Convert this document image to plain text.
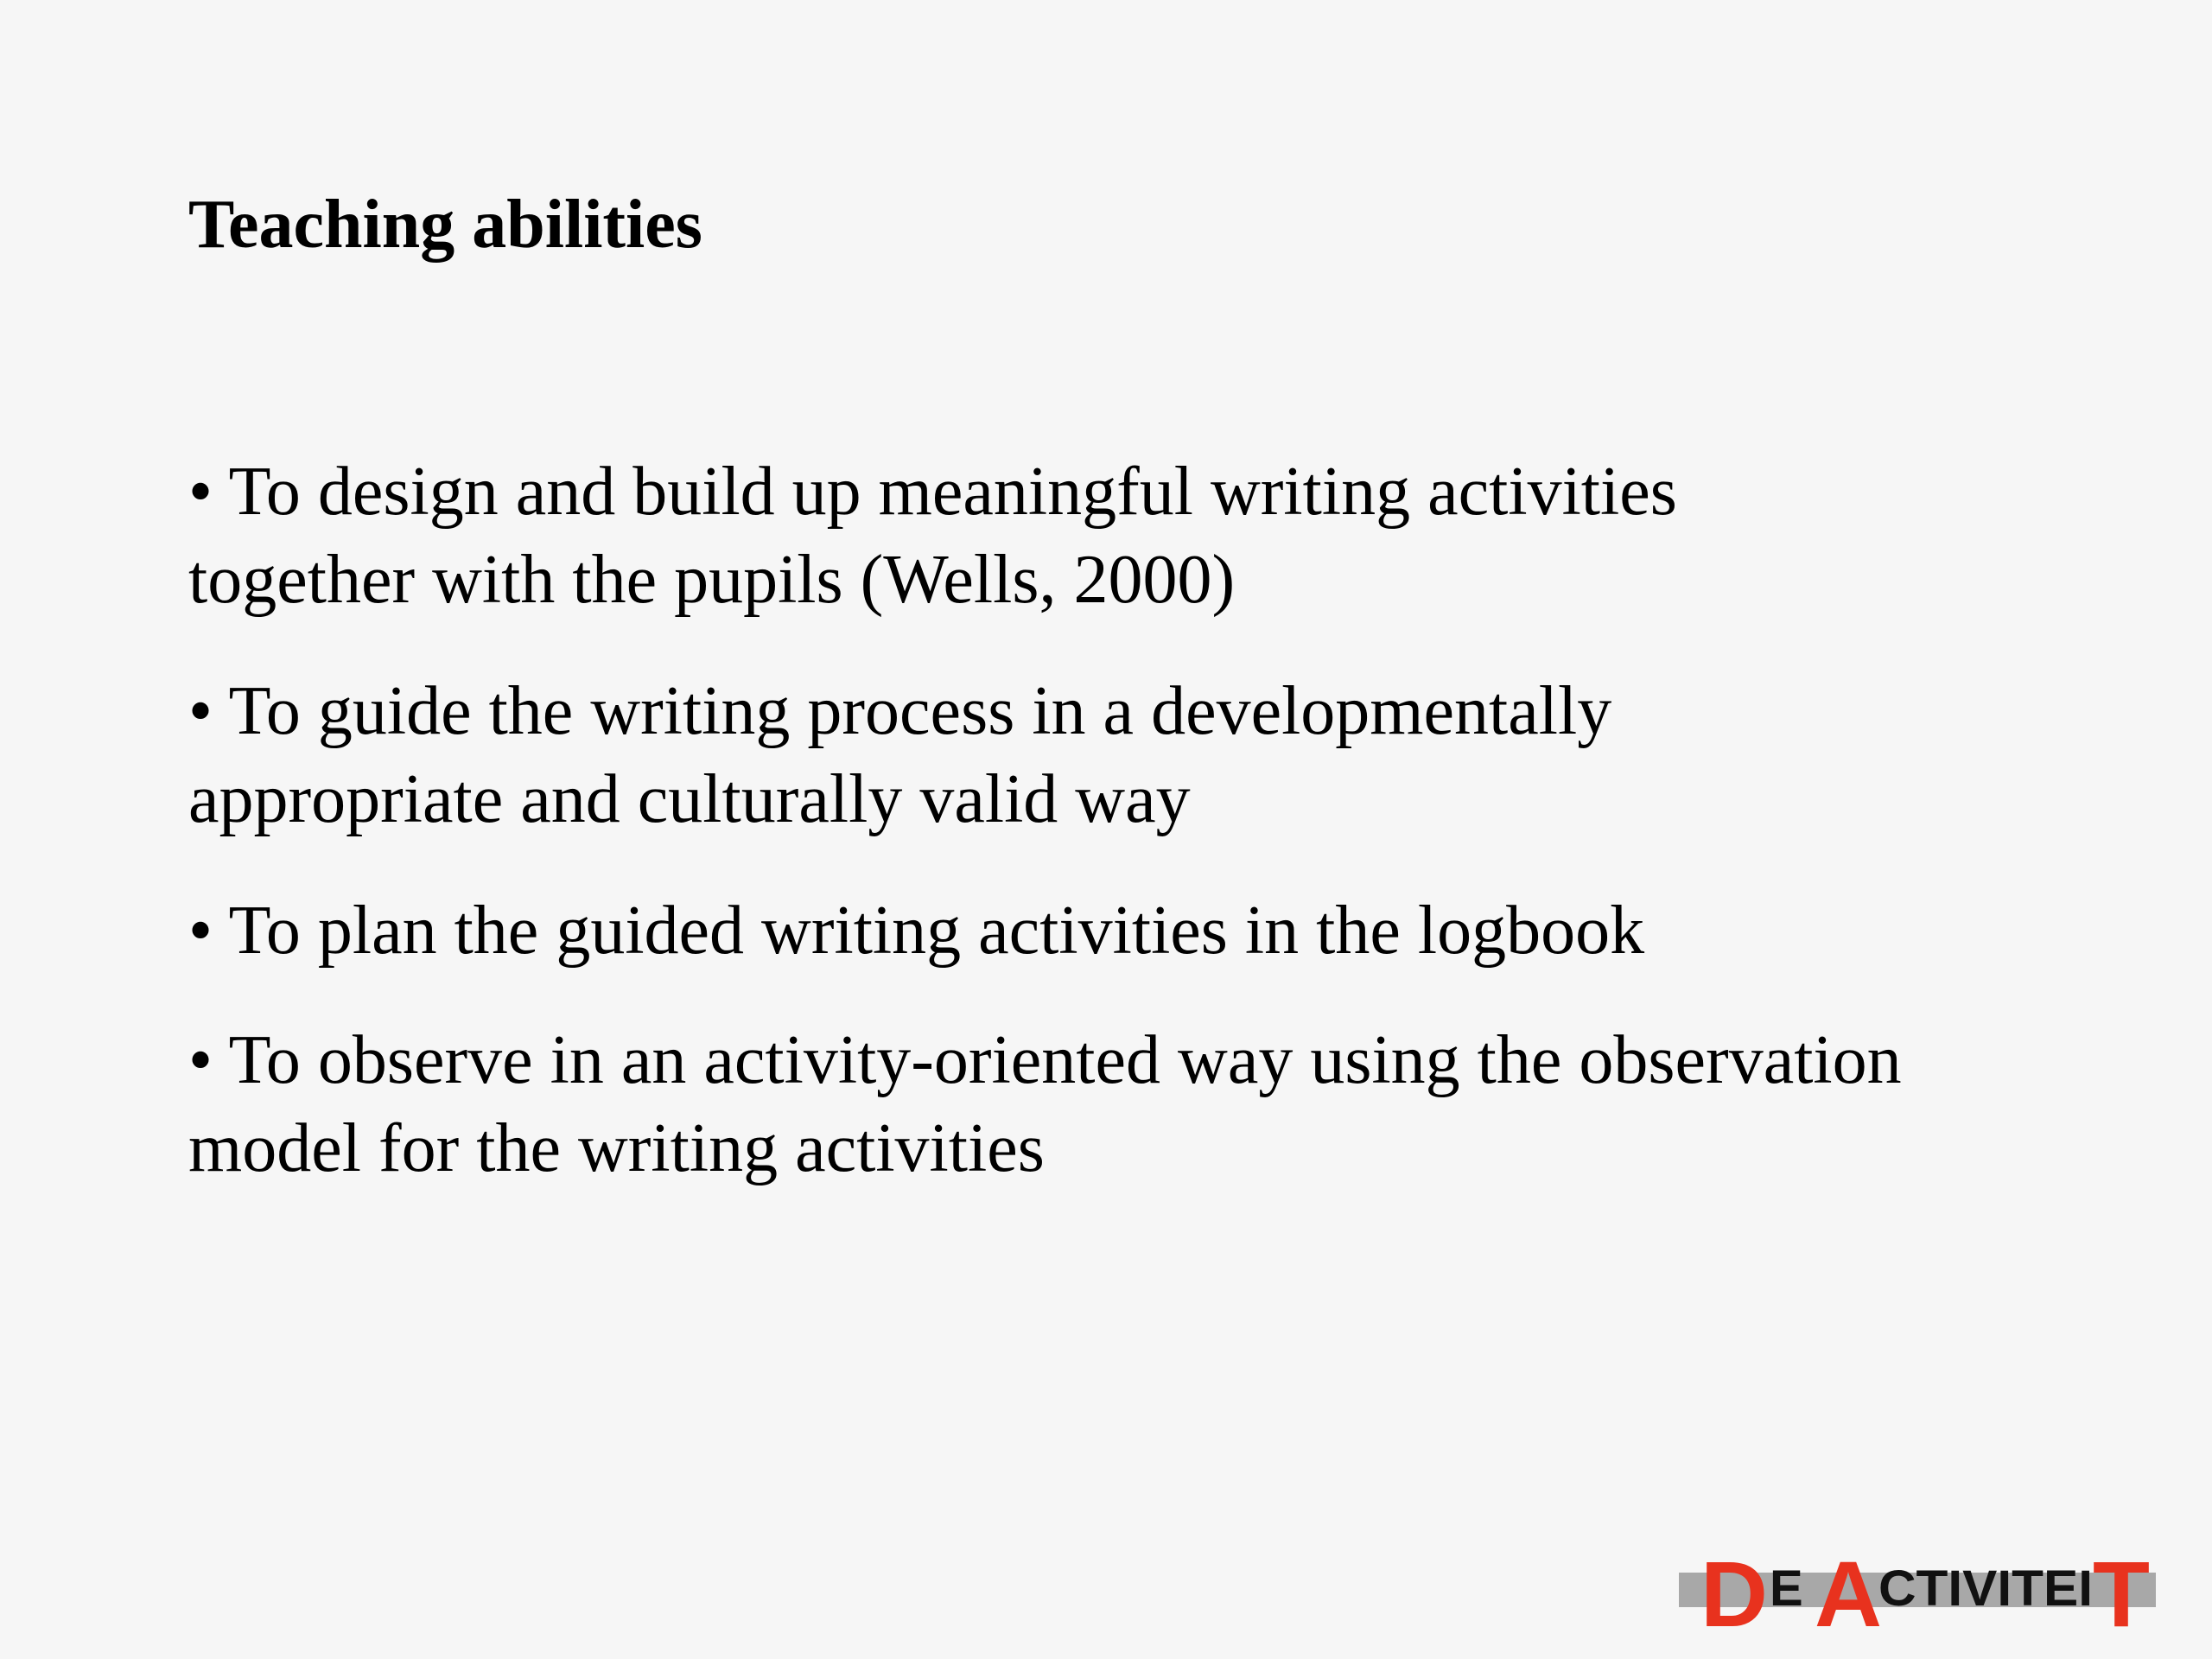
Teaching abilities
• To design and build up meaningful writing activities
together with the pupils (Wells, 2000)
• To guide the writing process in a developmentally
appropriate and culturally valid way
• To plan the guided writing activities in the logbook
• To observe in an activity-oriented way using the observation
model for the writing activities
D E A
CTIVITEI T
